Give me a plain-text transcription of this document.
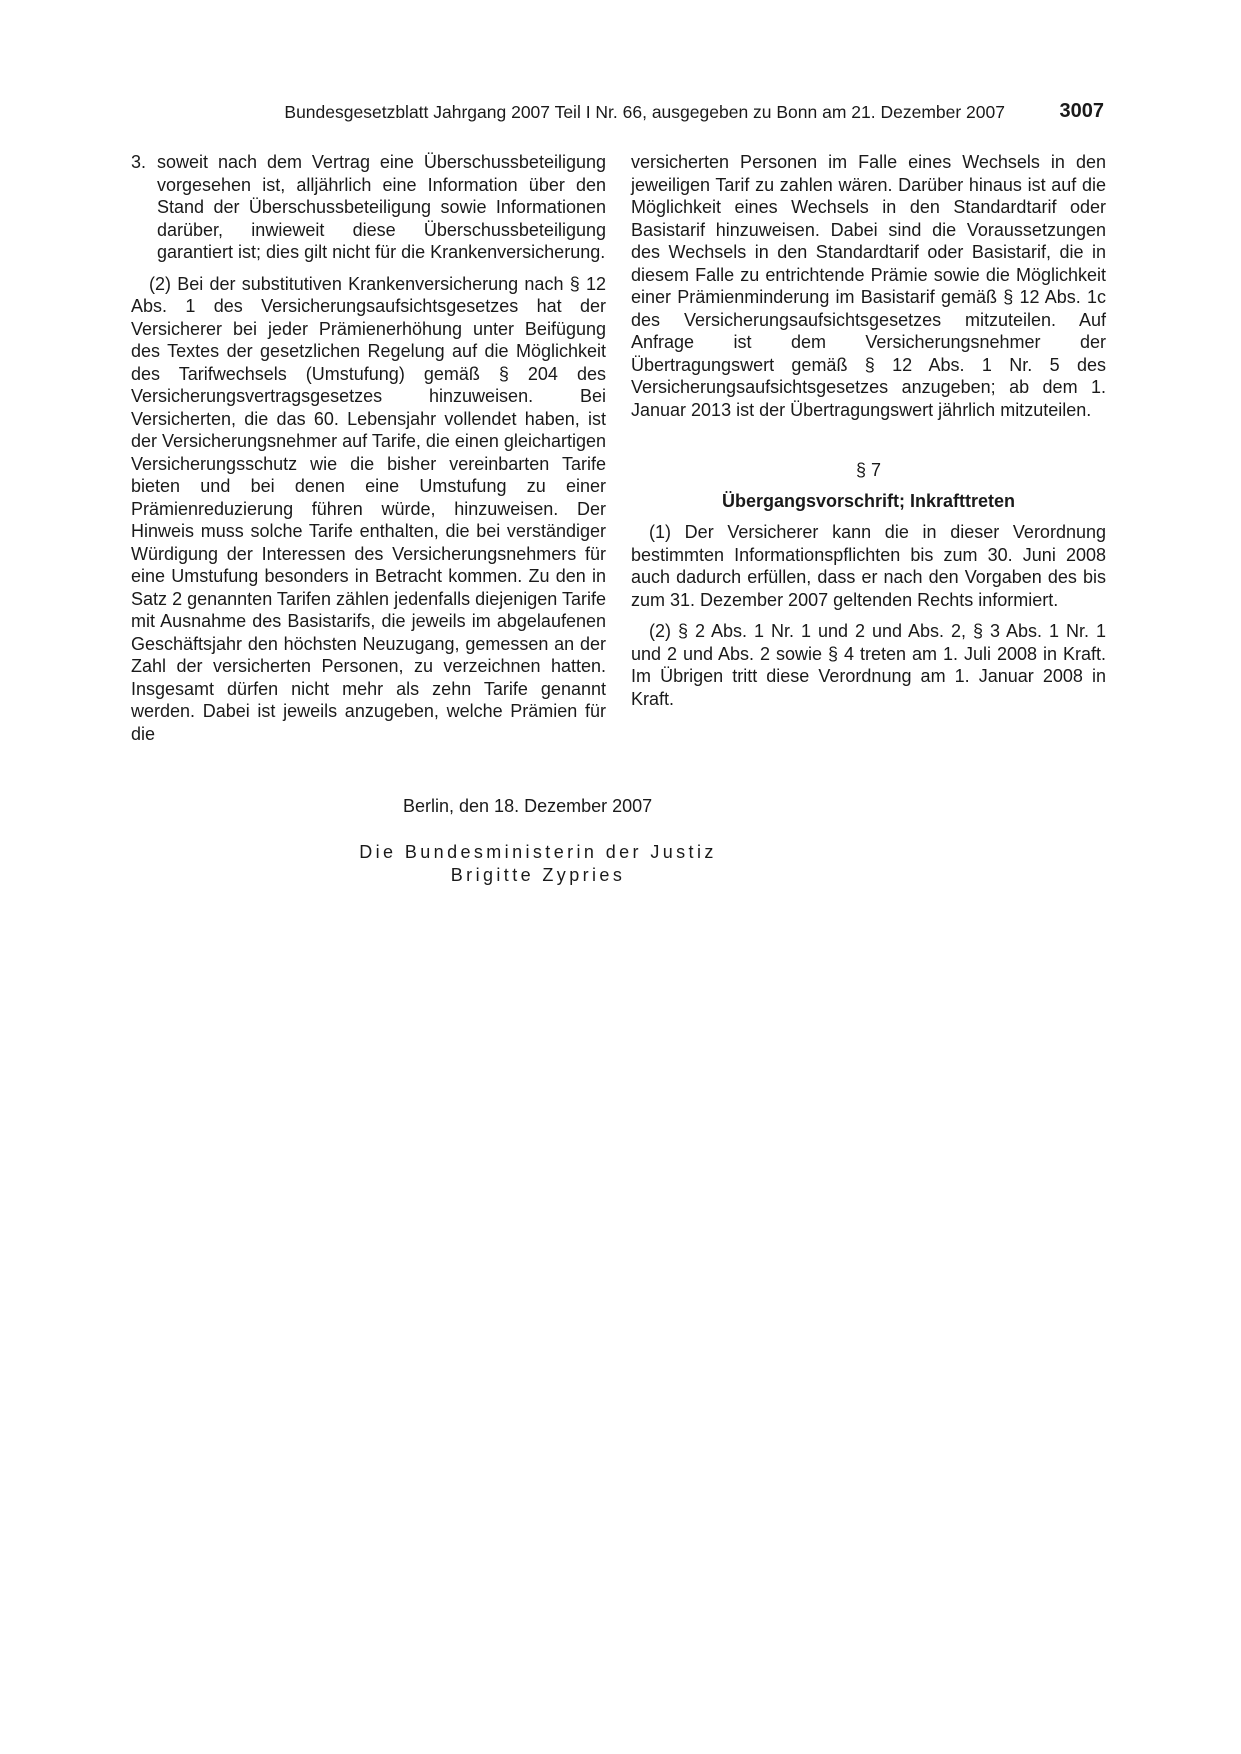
Bundesgesetzblatt Jahrgang 2007 Teil I Nr. 66, ausgegeben zu Bonn am 21. Dezember 2007	3007
3. soweit nach dem Vertrag eine Überschussbeteiligung vorgesehen ist, alljährlich eine Information über den Stand der Überschussbeteiligung sowie Informationen darüber, inwieweit diese Überschussbeteiligung garantiert ist; dies gilt nicht für die Krankenversicherung.

(2) Bei der substitutiven Krankenversicherung nach § 12 Abs. 1 des Versicherungsaufsichtsgesetzes hat der Versicherer bei jeder Prämienerhöhung unter Beifügung des Textes der gesetzlichen Regelung auf die Möglichkeit des Tarifwechsels (Umstufung) gemäß § 204 des Versicherungsvertragsgesetzes hinzuweisen. Bei Versicherten, die das 60. Lebensjahr vollendet haben, ist der Versicherungsnehmer auf Tarife, die einen gleichartigen Versicherungsschutz wie die bisher vereinbarten Tarife bieten und bei denen eine Umstufung zu einer Prämienreduzierung führen würde, hinzuweisen. Der Hinweis muss solche Tarife enthalten, die bei verständiger Würdigung der Interessen des Versicherungsnehmers für eine Umstufung besonders in Betracht kommen. Zu den in Satz 2 genannten Tarifen zählen jedenfalls diejenigen Tarife mit Ausnahme des Basistarifs, die jeweils im abgelaufenen Geschäftsjahr den höchsten Neuzugang, gemessen an der Zahl der versicherten Personen, zu verzeichnen hatten. Insgesamt dürfen nicht mehr als zehn Tarife genannt werden. Dabei ist jeweils anzugeben, welche Prämien für die

versicherten Personen im Falle eines Wechsels in den jeweiligen Tarif zu zahlen wären. Darüber hinaus ist auf die Möglichkeit eines Wechsels in den Standardtarif oder Basistarif hinzuweisen. Dabei sind die Voraussetzungen des Wechsels in den Standardtarif oder Basistarif, die in diesem Falle zu entrichtende Prämie sowie die Möglichkeit einer Prämienminderung im Basistarif gemäß § 12 Abs. 1c des Versicherungsaufsichtsgesetzes mitzuteilen. Auf Anfrage ist dem Versicherungsnehmer der Übertragungswert gemäß § 12 Abs. 1 Nr. 5 des Versicherungsaufsichtsgesetzes anzugeben; ab dem 1. Januar 2013 ist der Übertragungswert jährlich mitzuteilen.

§ 7
Übergangsvorschrift; Inkrafttreten

(1) Der Versicherer kann die in dieser Verordnung bestimmten Informationspflichten bis zum 30. Juni 2008 auch dadurch erfüllen, dass er nach den Vorgaben des bis zum 31. Dezember 2007 geltenden Rechts informiert.

(2) § 2 Abs. 1 Nr. 1 und 2 und Abs. 2, § 3 Abs. 1 Nr. 1 und 2 und Abs. 2 sowie § 4 treten am 1. Juli 2008 in Kraft. Im Übrigen tritt diese Verordnung am 1. Januar 2008 in Kraft.

Berlin, den 18. Dezember 2007
Die Bundesministerin der Justiz
Brigitte Zypries
